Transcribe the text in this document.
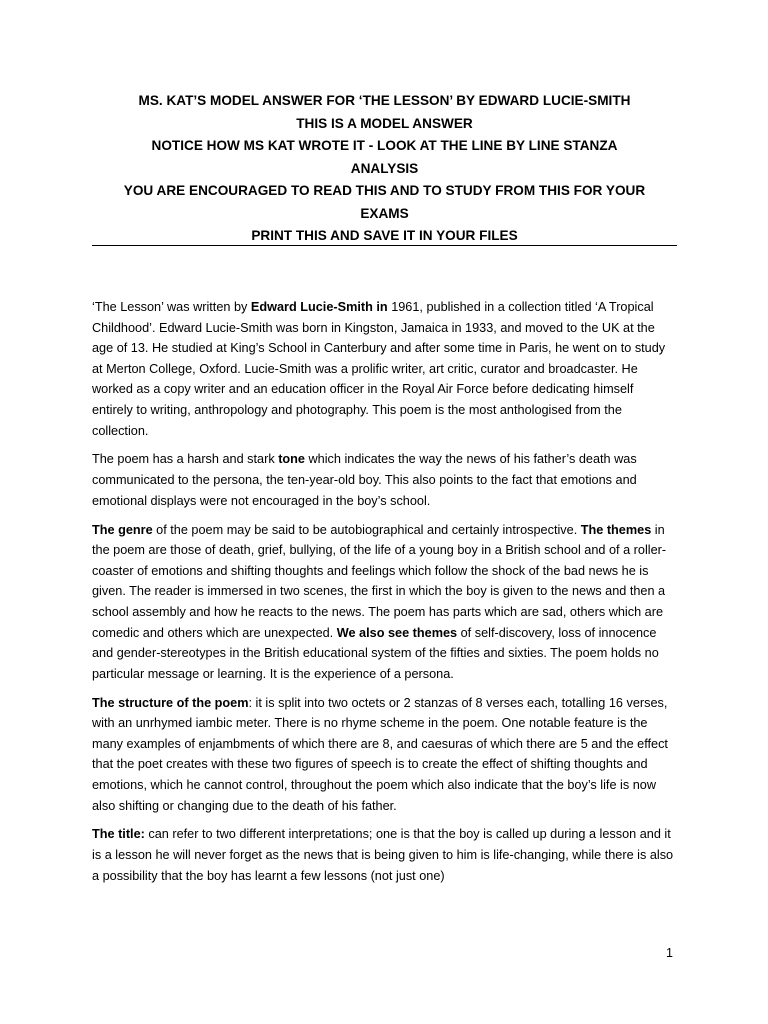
MS. KAT’S MODEL ANSWER FOR ‘THE LESSON’ BY EDWARD LUCIE-SMITH

THIS IS A MODEL ANSWER

NOTICE HOW MS KAT WROTE IT - LOOK AT THE LINE BY LINE STANZA

ANALYSIS

YOU ARE ENCOURAGED TO READ THIS AND TO STUDY FROM THIS FOR YOUR

EXAMS

PRINT THIS AND SAVE IT IN YOUR FILES

‘The Lesson’ was written by Edward Lucie-Smith in 1961, published in a collection titled ‘A Tropical Childhood’. Edward Lucie-Smith was born in Kingston, Jamaica in 1933, and moved to the UK at the age of 13. He studied at King’s School in Canterbury and after some time in Paris, he went on to study at Merton College, Oxford. Lucie-Smith was a prolific writer, art critic, curator and broadcaster. He worked as a copy writer and an education officer in the Royal Air Force before dedicating himself entirely to writing, anthropology and photography. This poem is the most anthologised from the collection.

The poem has a harsh and stark tone which indicates the way the news of his father’s death was communicated to the persona, the ten-year-old boy. This also points to the fact that emotions and emotional displays were not encouraged in the boy’s school.

The genre of the poem may be said to be autobiographical and certainly introspective. The themes in the poem are those of death, grief, bullying, of the life of a young boy in a British school and of a roller-coaster of emotions and shifting thoughts and feelings which follow the shock of the bad news he is given. The reader is immersed in two scenes, the first in which the boy is given to the news and then a school assembly and how he reacts to the news. The poem has parts which are sad, others which are comedic and others which are unexpected. We also see themes of self-discovery, loss of innocence and gender-stereotypes in the British educational system of the fifties and sixties. The poem holds no particular message or learning. It is the experience of a persona.

The structure of the poem: it is split into two octets or 2 stanzas of 8 verses each, totalling 16 verses, with an unrhymed iambic meter. There is no rhyme scheme in the poem. One notable feature is the many examples of enjambments of which there are 8, and caesuras of which there are 5 and the effect that the poet creates with these two figures of speech is to create the effect of shifting thoughts and emotions, which he cannot control, throughout the poem which also indicate that the boy’s life is now also shifting or changing due to the death of his father.

The title: can refer to two different interpretations; one is that the boy is called up during a lesson and it is a lesson he will never forget as the news that is being given to him is life-changing, while there is also a possibility that the boy has learnt a few lessons (not just one)

1
